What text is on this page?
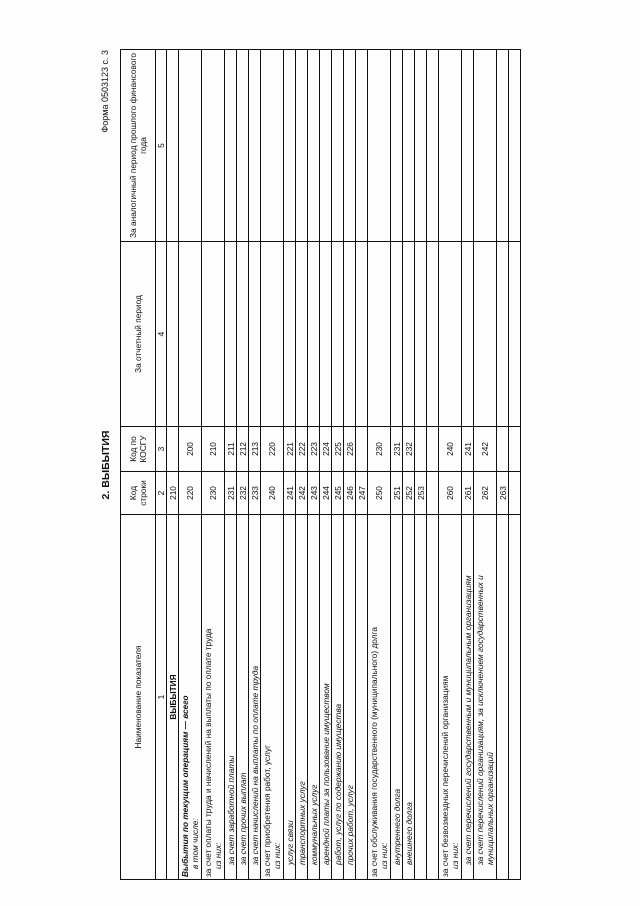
Форма 0503123 с. 3
2. ВЫБЫТИЯ
Наименование показателя	Код строки	Код по КОСГУ	За отчетный период	За аналогичный период прошлого финансового года
1	2	3	4	5

ВЫБЫТИЯ	210			

Выбытия по текущим операциям — всего в том числе:	220	200		

за счет оплаты труда и начислений на выплаты по оплате труда из них:	230	210		

за счет заработной платы	231	211		

за счет прочих выплат	232	212		

за счет начислений на выплаты по оплате труда	233	213		

за счет приобретения работ, услуг из них:	240	220		

услуг связи	241	221		

транспортных услуг	242	222		

коммунальных услуг	243	223		

арендной платы за пользование имуществом	244	224		

работ, услуг по содержанию имущества	245	225		

прочих работ, услуг	246	226		
	247			

за счет обслуживания государственного (муниципального) долга из них:	250	230		

внутреннего долга	251	231		

внешнего долга	252	232		
	253			

за счет безвозмездных перечислений организациям из них:	260	240		

за счет перечислений государственным и муниципальным организациям	261	241		

за счет перечислений организациям, за исключением государственных и муниципальных организаций	262	242		
	263			
